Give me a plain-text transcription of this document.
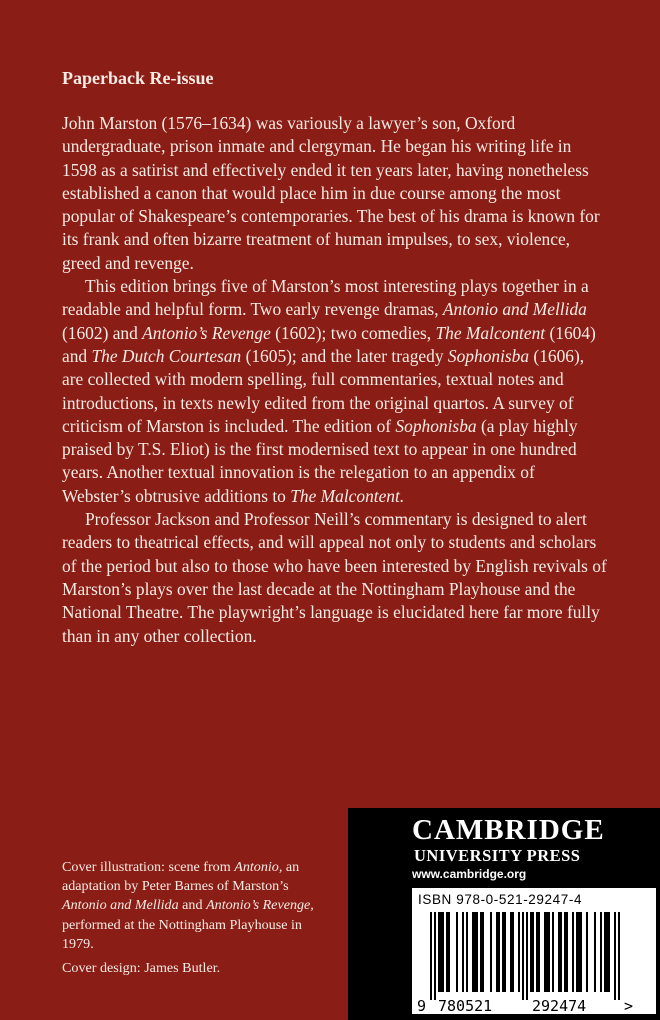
Paperback Re-issue

John Marston (1576–1634) was variously a lawyer’s son, Oxford undergraduate, prison inmate and clergyman. He began his writing life in 1598 as a satirist and effectively ended it ten years later, having nonetheless established a canon that would place him in due course among the most popular of Shakespeare’s contemporaries. The best of his drama is known for its frank and often bizarre treatment of human impulses, to sex, violence, greed and revenge.

This edition brings five of Marston’s most interesting plays together in a readable and helpful form. Two early revenge dramas, Antonio and Mellida (1602) and Antonio’s Revenge (1602); two comedies, The Malcontent (1604) and The Dutch Courtesan (1605); and the later tragedy Sophonisba (1606), are collected with modern spelling, full commentaries, textual notes and introductions, in texts newly edited from the original quartos. A survey of criticism of Marston is included. The edition of Sophonisba (a play highly praised by T.S. Eliot) is the first modernised text to appear in one hundred years. Another textual innovation is the relegation to an appendix of Webster’s obtrusive additions to The Malcontent.

Professor Jackson and Professor Neill’s commentary is designed to alert readers to theatrical effects, and will appeal not only to students and scholars of the period but also to those who have been interested by English revivals of Marston’s plays over the last decade at the Nottingham Playhouse and the National Theatre. The playwright’s language is elucidated here far more fully than in any other collection.

Cover illustration: scene from Antonio, an adaptation by Peter Barnes of Marston’s Antonio and Mellida and Antonio’s Revenge, performed at the Nottingham Playhouse in 1979.

Cover design: James Butler.

CAMBRIDGE
UNIVERSITY PRESS
www.cambridge.org
ISBN 978-0-521-29247-4
9 780521	292474	>
